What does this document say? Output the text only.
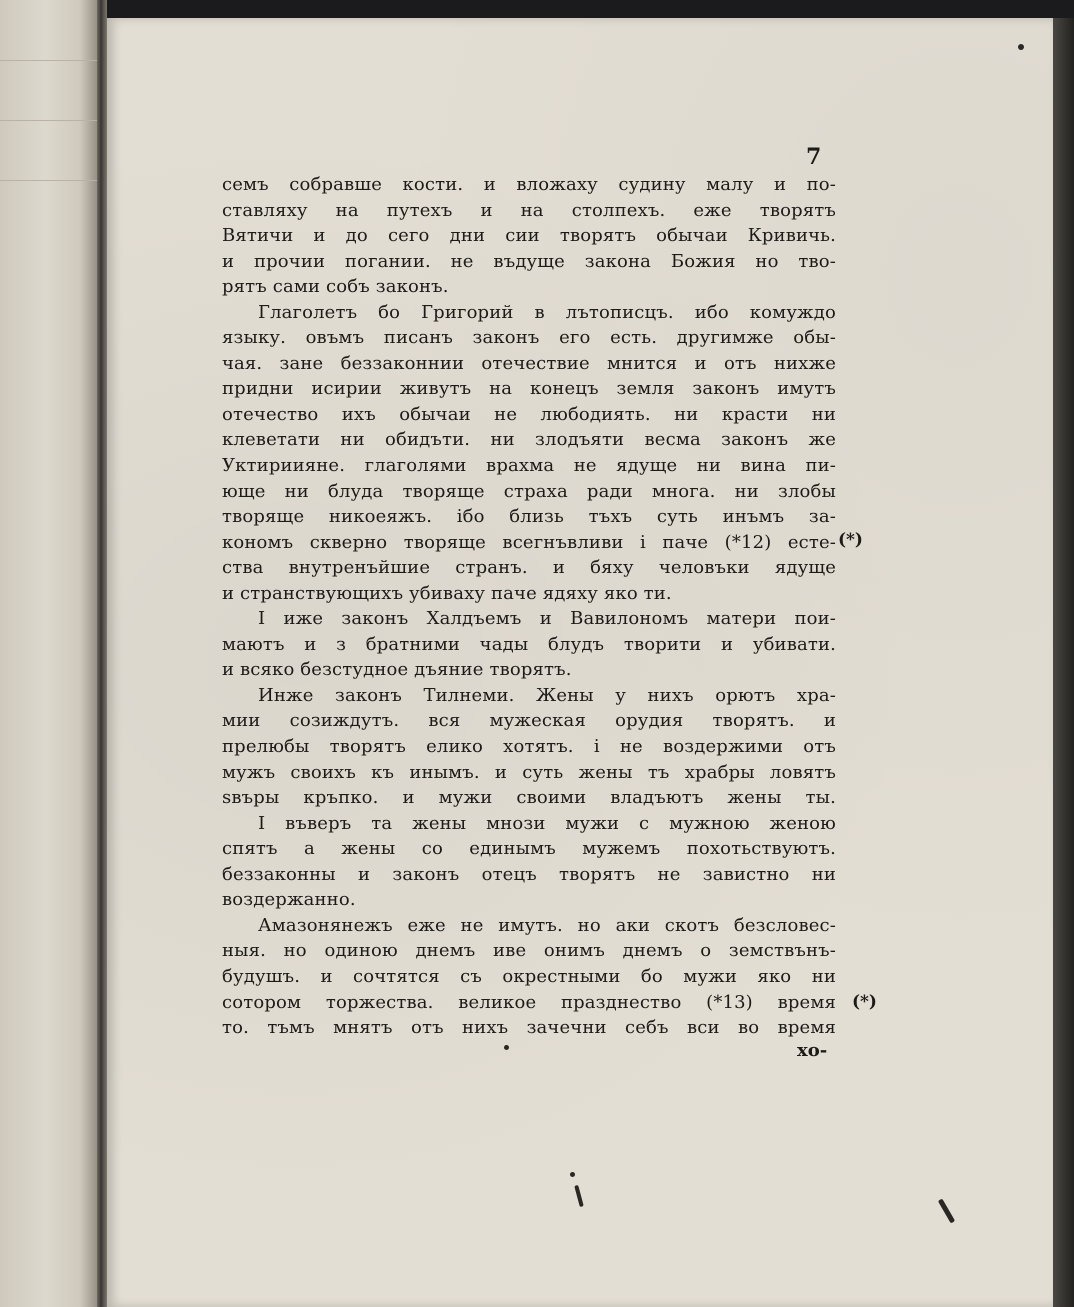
7

семъ собравше кости. и вложаху судину малу и по-
ставляху на путехъ и на столпехъ. еже творятъ
Вятичи и до сего дни сии творятъ обычаи Кривичь.
и прочии погании. не въдуще закона Божия но тво-
рятъ сами собъ законъ.
Глаголетъ бо Григорий в лътописцъ. ибо комуждо
языку. овъмъ писанъ законъ его есть. другимже обы-
чая. зане беззаконнии отечествие мнится и отъ нихже
придни исирии живутъ на конецъ земля законъ имутъ
отечество ихъ обычаи не любодиять. ни красти ни
клеветати ни обидъти. ни злодъяти весма законъ же
Уктириияне. глаголями врахма не ядуще ни вина пи-
юще ни блуда творяще страха ради многа. ни злобы
творяще никоеяжъ. iбо близь тъхъ суть инъмъ за-
кономъ скверно творяще всегнъвливи i паче (*12) есте-
ства внутренъйшие странъ. и бяху человъки ядуще
и странствующихъ убиваху паче ядяху яко ти.
I иже законъ Халдъемъ и Вавилономъ матери пои-
маютъ и з братними чады блудъ творити и убивати.
и всяко безстудное дъяние творятъ.
Инже законъ Тилнеми. Жены у нихъ орютъ хра-
мии созиждутъ. вся мужеская орудия творятъ. и
прелюбы творятъ елико хотятъ. i не воздержими отъ
мужъ своихъ къ инымъ. и суть жены тъ храбры ловятъ
sвъры кръпко. и мужи своими владъютъ жены ты.
I въверъ та жены мнози мужи с мужною женою
спятъ а жены со единымъ мужемъ похотьствуютъ.
беззаконны и законъ отецъ творятъ не завистно ни
воздержанно.
Амазонянежъ еже не имутъ. но аки скотъ безсловес-
ныя. но одиною днемъ иве онимъ днемъ о земствънъ-
будушъ. и сочтятся съ окрестными бо мужи яко ни
сотором торжества. великое празднество (*13) время
то. тъмъ мнятъ отъ нихъ зачечни себъ вси во время

(*)

(*)

хо-
